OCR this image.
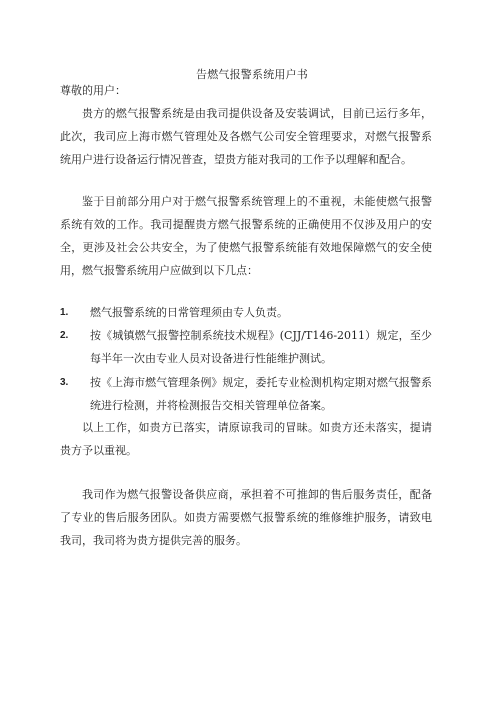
告燃气报警系统用户书
尊敬的用户：
贵方的燃气报警系统是由我司提供设备及安装调试，目前已运行多年，此次，我司应上海市燃气管理处及各燃气公司安全管理要求，对燃气报警系统用户进行设备运行情况普查，望贵方能对我司的工作予以理解和配合。
鉴于目前部分用户对于燃气报警系统管理上的不重视，未能使燃气报警系统有效的工作。我司提醒贵方燃气报警系统的正确使用不仅涉及用户的安全，更涉及社会公共安全，为了使燃气报警系统能有效地保障燃气的安全使用，燃气报警系统用户应做到以下几点：
1. 燃气报警系统的日常管理须由专人负责。
2. 按《城镇燃气报警控制系统技术规程》(CJJ/T146-2011）规定，至少每半年一次由专业人员对设备进行性能维护测试。
3. 按《上海市燃气管理条例》规定，委托专业检测机构定期对燃气报警系统进行检测，并将检测报告交相关管理单位备案。
以上工作，如贵方已落实，请原谅我司的冒昧。如贵方还未落实，提请贵方予以重视。
我司作为燃气报警设备供应商，承担着不可推卸的售后服务责任，配备了专业的售后服务团队。如贵方需要燃气报警系统的维修维护服务，请致电我司，我司将为贵方提供完善的服务。
